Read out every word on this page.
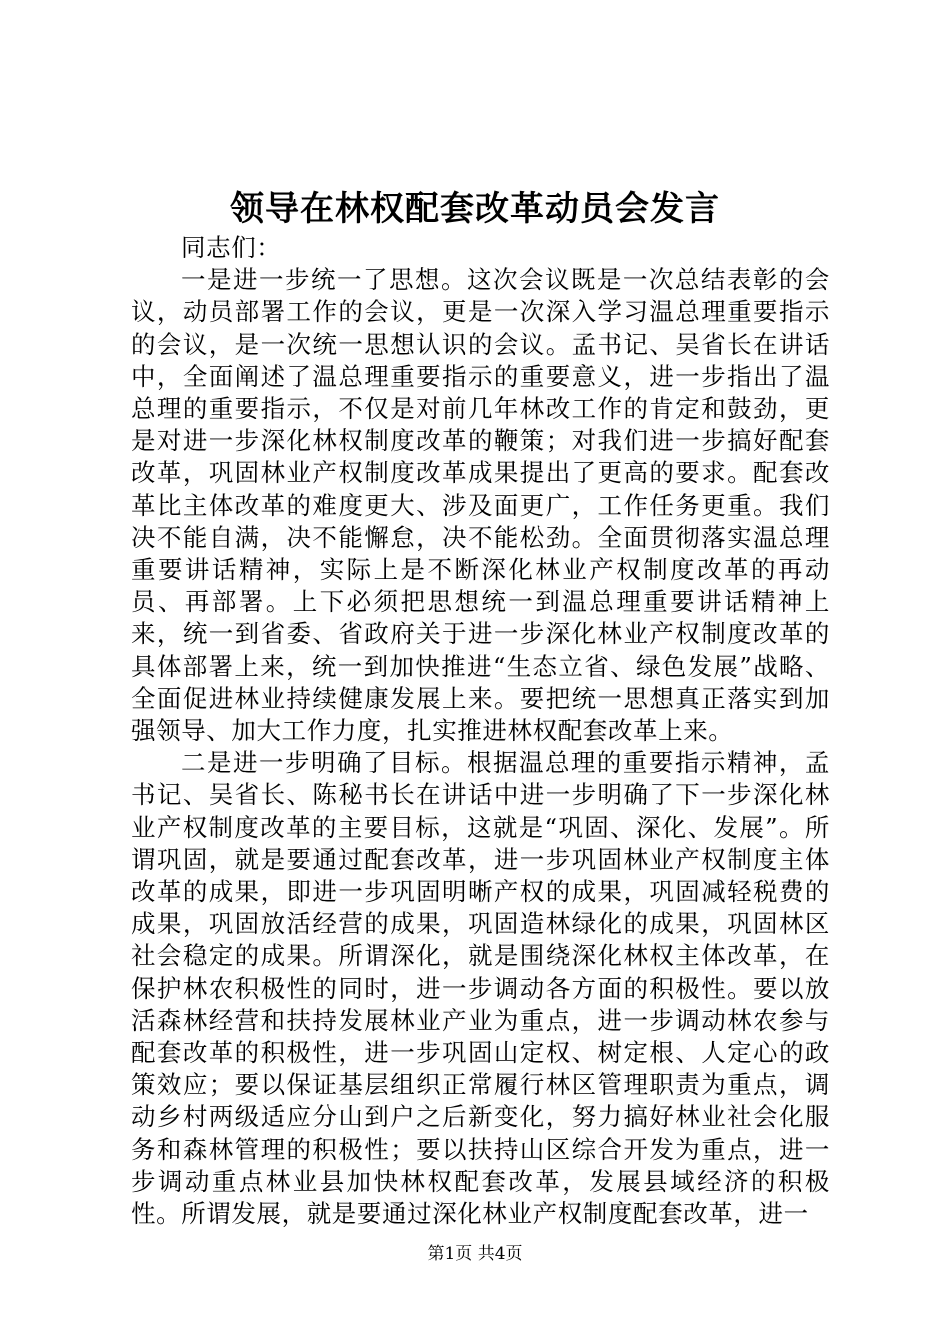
领导在林权配套改革动员会发言

同志们：

一是进一步统一了思想。这次会议既是一次总结表彰的会议，动员部署工作的会议，更是一次深入学习温总理重要指示的会议，是一次统一思想认识的会议。孟书记、吴省长在讲话中，全面阐述了温总理重要指示的重要意义，进一步指出了温总理的重要指示，不仅是对前几年林改工作的肯定和鼓劲，更是对进一步深化林权制度改革的鞭策；对我们进一步搞好配套改革，巩固林业产权制度改革成果提出了更高的要求。配套改革比主体改革的难度更大、涉及面更广，工作任务更重。我们决不能自满，决不能懈怠，决不能松劲。全面贯彻落实温总理重要讲话精神，实际上是不断深化林业产权制度改革的再动员、再部署。上下必须把思想统一到温总理重要讲话精神上来，统一到省委、省政府关于进一步深化林业产权制度改革的具体部署上来，统一到加快推进“生态立省、绿色发展”战略、全面促进林业持续健康发展上来。要把统一思想真正落实到加强领导、加大工作力度，扎实推进林权配套改革上来。

二是进一步明确了目标。根据温总理的重要指示精神，孟书记、吴省长、陈秘书长在讲话中进一步明确了下一步深化林业产权制度改革的主要目标，这就是“巩固、深化、发展”。所谓巩固，就是要通过配套改革，进一步巩固林业产权制度主体改革的成果，即进一步巩固明晰产权的成果，巩固减轻税费的成果，巩固放活经营的成果，巩固造林绿化的成果，巩固林区社会稳定的成果。所谓深化，就是围绕深化林权主体改革，在保护林农积极性的同时，进一步调动各方面的积极性。要以放活森林经营和扶持发展林业产业为重点，进一步调动林农参与配套改革的积极性，进一步巩固山定权、树定根、人定心的政策效应；要以保证基层组织正常履行林区管理职责为重点，调动乡村两级适应分山到户之后新变化，努力搞好林业社会化服务和森林管理的积极性；要以扶持山区综合开发为重点，进一步调动重点林业县加快林权配套改革，发展县域经济的积极性。所谓发展，就是要通过深化林业产权制度配套改革，进一

第1页 共4页
